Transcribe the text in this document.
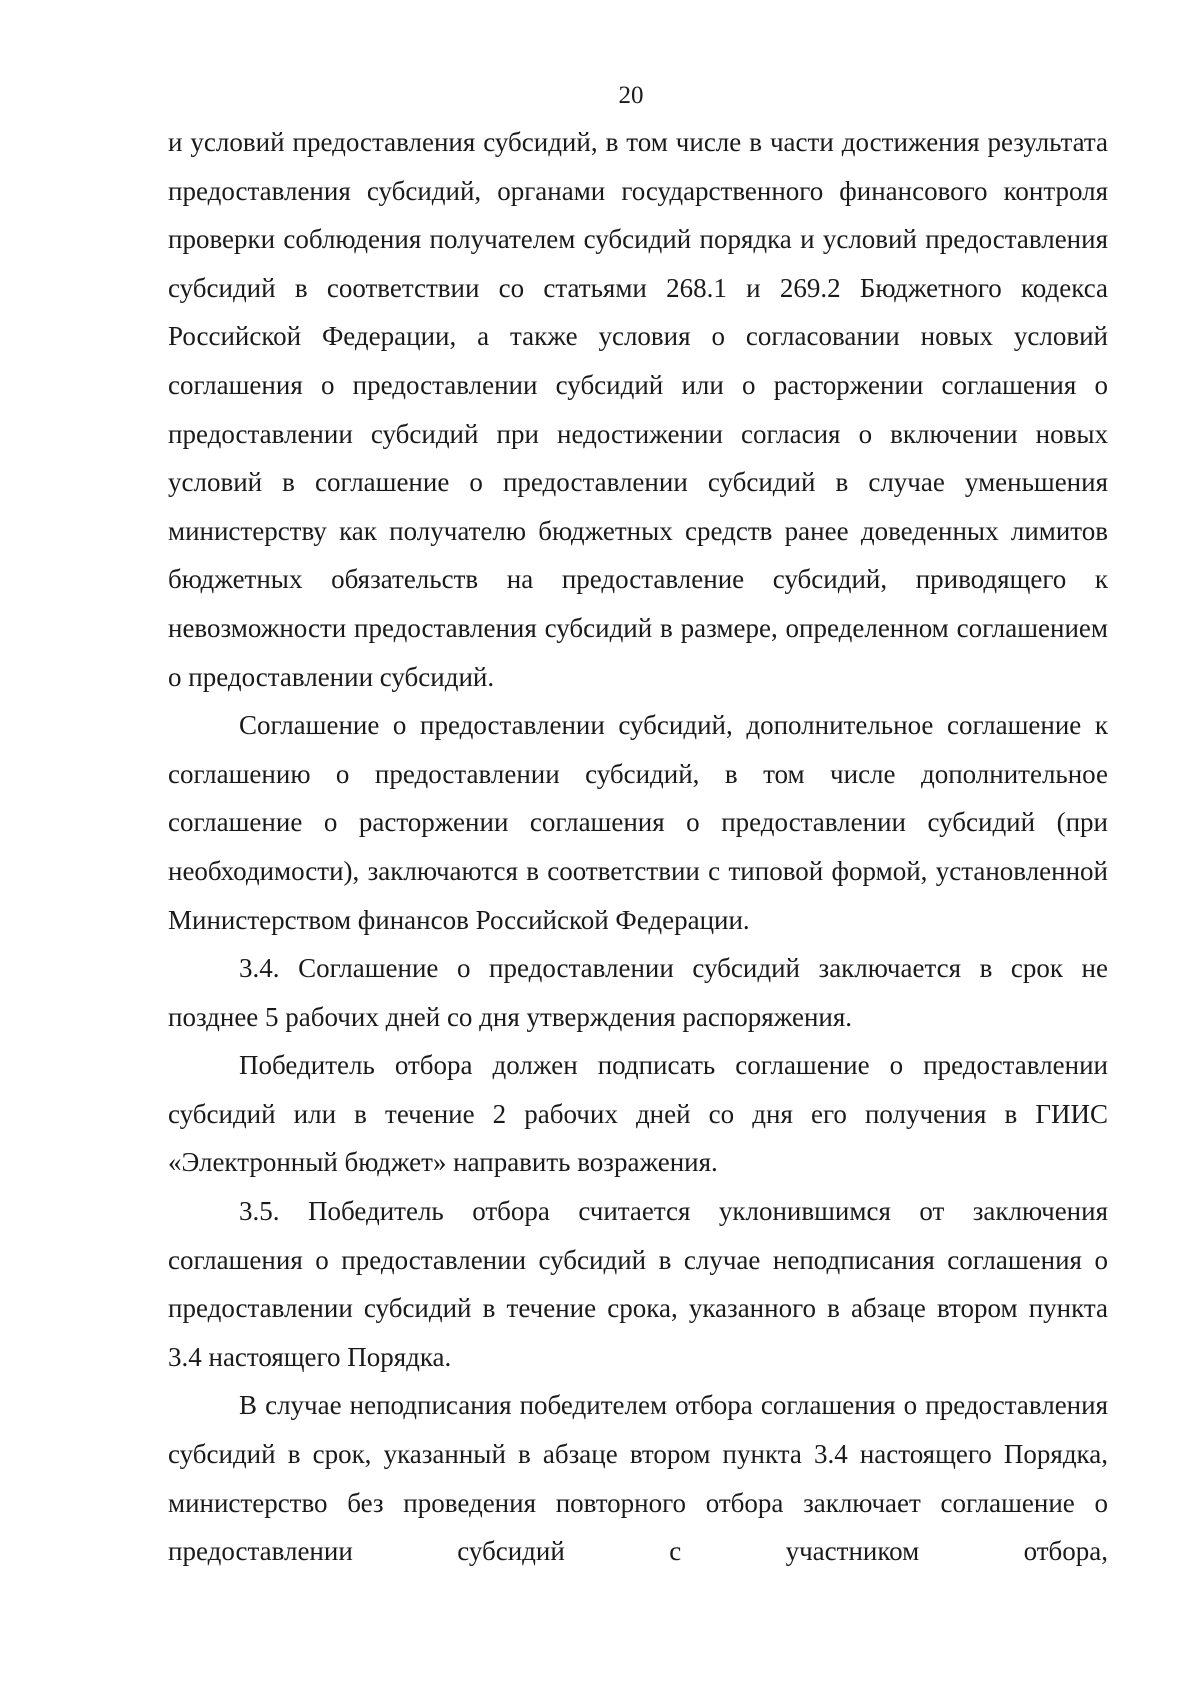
20

и условий предоставления субсидий, в том числе в части достижения результата предоставления субсидий, органами государственного финансового контроля проверки соблюдения получателем субсидий порядка и условий предоставления субсидий в соответствии со статьями 268.1 и 269.2 Бюджетного кодекса Российской Федерации, а также условия о согласовании новых условий соглашения о предоставлении субсидий или о расторжении соглашения о предоставлении субсидий при недостижении согласия о включении новых условий в соглашение о предоставлении субсидий в случае уменьшения министерству как получателю бюджетных средств ранее доведенных лимитов бюджетных обязательств на предоставление субсидий, приводящего к невозможности предоставления субсидий в размере, определенном соглашением о предоставлении субсидий.

Соглашение о предоставлении субсидий, дополнительное соглашение к соглашению о предоставлении субсидий, в том числе дополнительное соглашение о расторжении соглашения о предоставлении субсидий (при необходимости), заключаются в соответствии с типовой формой, установленной Министерством финансов Российской Федерации.

3.4. Соглашение о предоставлении субсидий заключается в срок не позднее 5 рабочих дней со дня утверждения распоряжения.

Победитель отбора должен подписать соглашение о предоставлении субсидий или в течение 2 рабочих дней со дня его получения в ГИИС «Электронный бюджет» направить возражения.

3.5. Победитель отбора считается уклонившимся от заключения соглашения о предоставлении субсидий в случае неподписания соглашения о предоставлении субсидий в течение срока, указанного в абзаце втором пункта 3.4 настоящего Порядка.

В случае неподписания победителем отбора соглашения о предоставления субсидий в срок, указанный в абзаце втором пункта 3.4 настоящего Порядка, министерство без проведения повторного отбора заключает соглашение о предоставлении субсидий с участником отбора,
